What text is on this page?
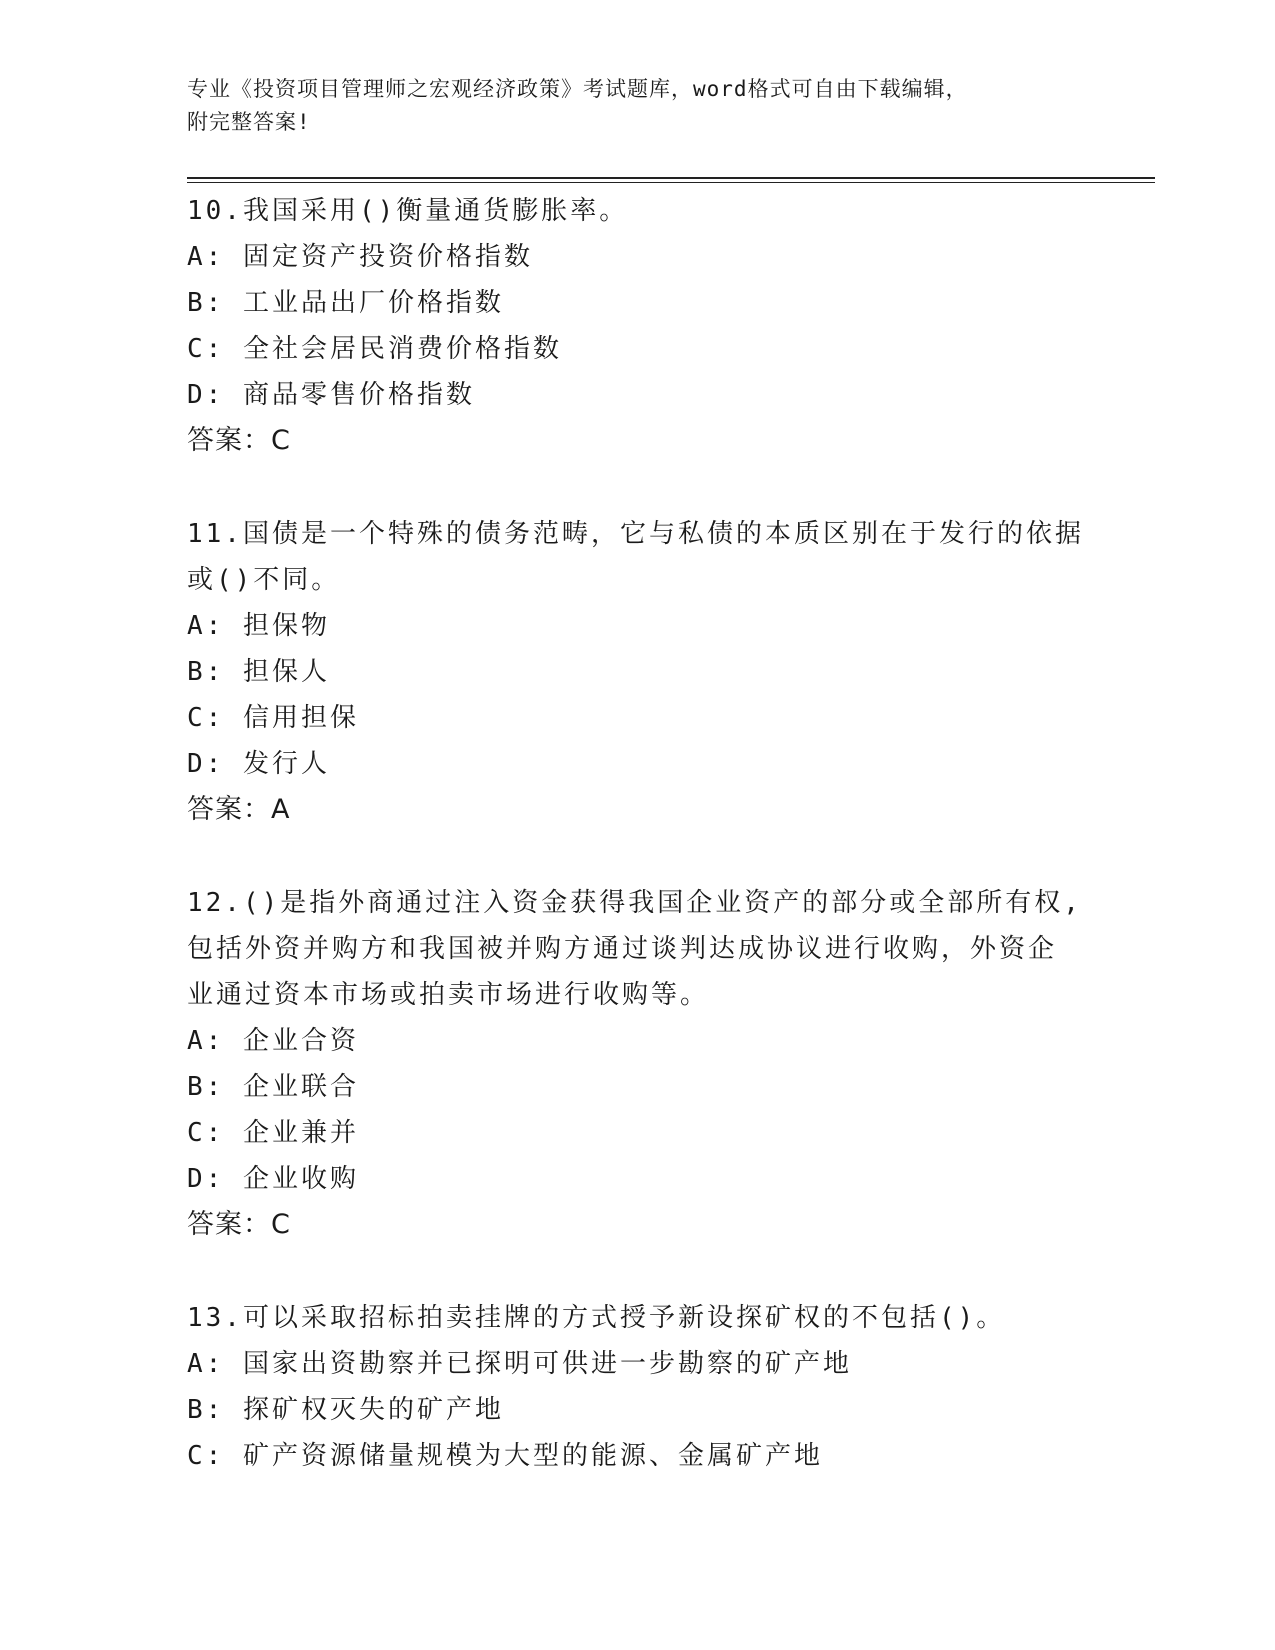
专业《投资项目管理师之宏观经济政策》考试题库，word格式可自由下载编辑，
附完整答案!
10.我国采用()衡量通货膨胀率。
A: 固定资产投资价格指数
B: 工业品出厂价格指数
C: 全社会居民消费价格指数
D: 商品零售价格指数
答案：C
11.国债是一个特殊的债务范畴，它与私债的本质区别在于发行的依据
或()不同。
A: 担保物
B: 担保人
C: 信用担保
D: 发行人
答案：A
12.()是指外商通过注入资金获得我国企业资产的部分或全部所有权,
包括外资并购方和我国被并购方通过谈判达成协议进行收购，外资企
业通过资本市场或拍卖市场进行收购等。
A: 企业合资
B: 企业联合
C: 企业兼并
D: 企业收购
答案：C
13.可以采取招标拍卖挂牌的方式授予新设探矿权的不包括()。
A: 国家出资勘察并已探明可供进一步勘察的矿产地
B: 探矿权灭失的矿产地
C: 矿产资源储量规模为大型的能源、金属矿产地
